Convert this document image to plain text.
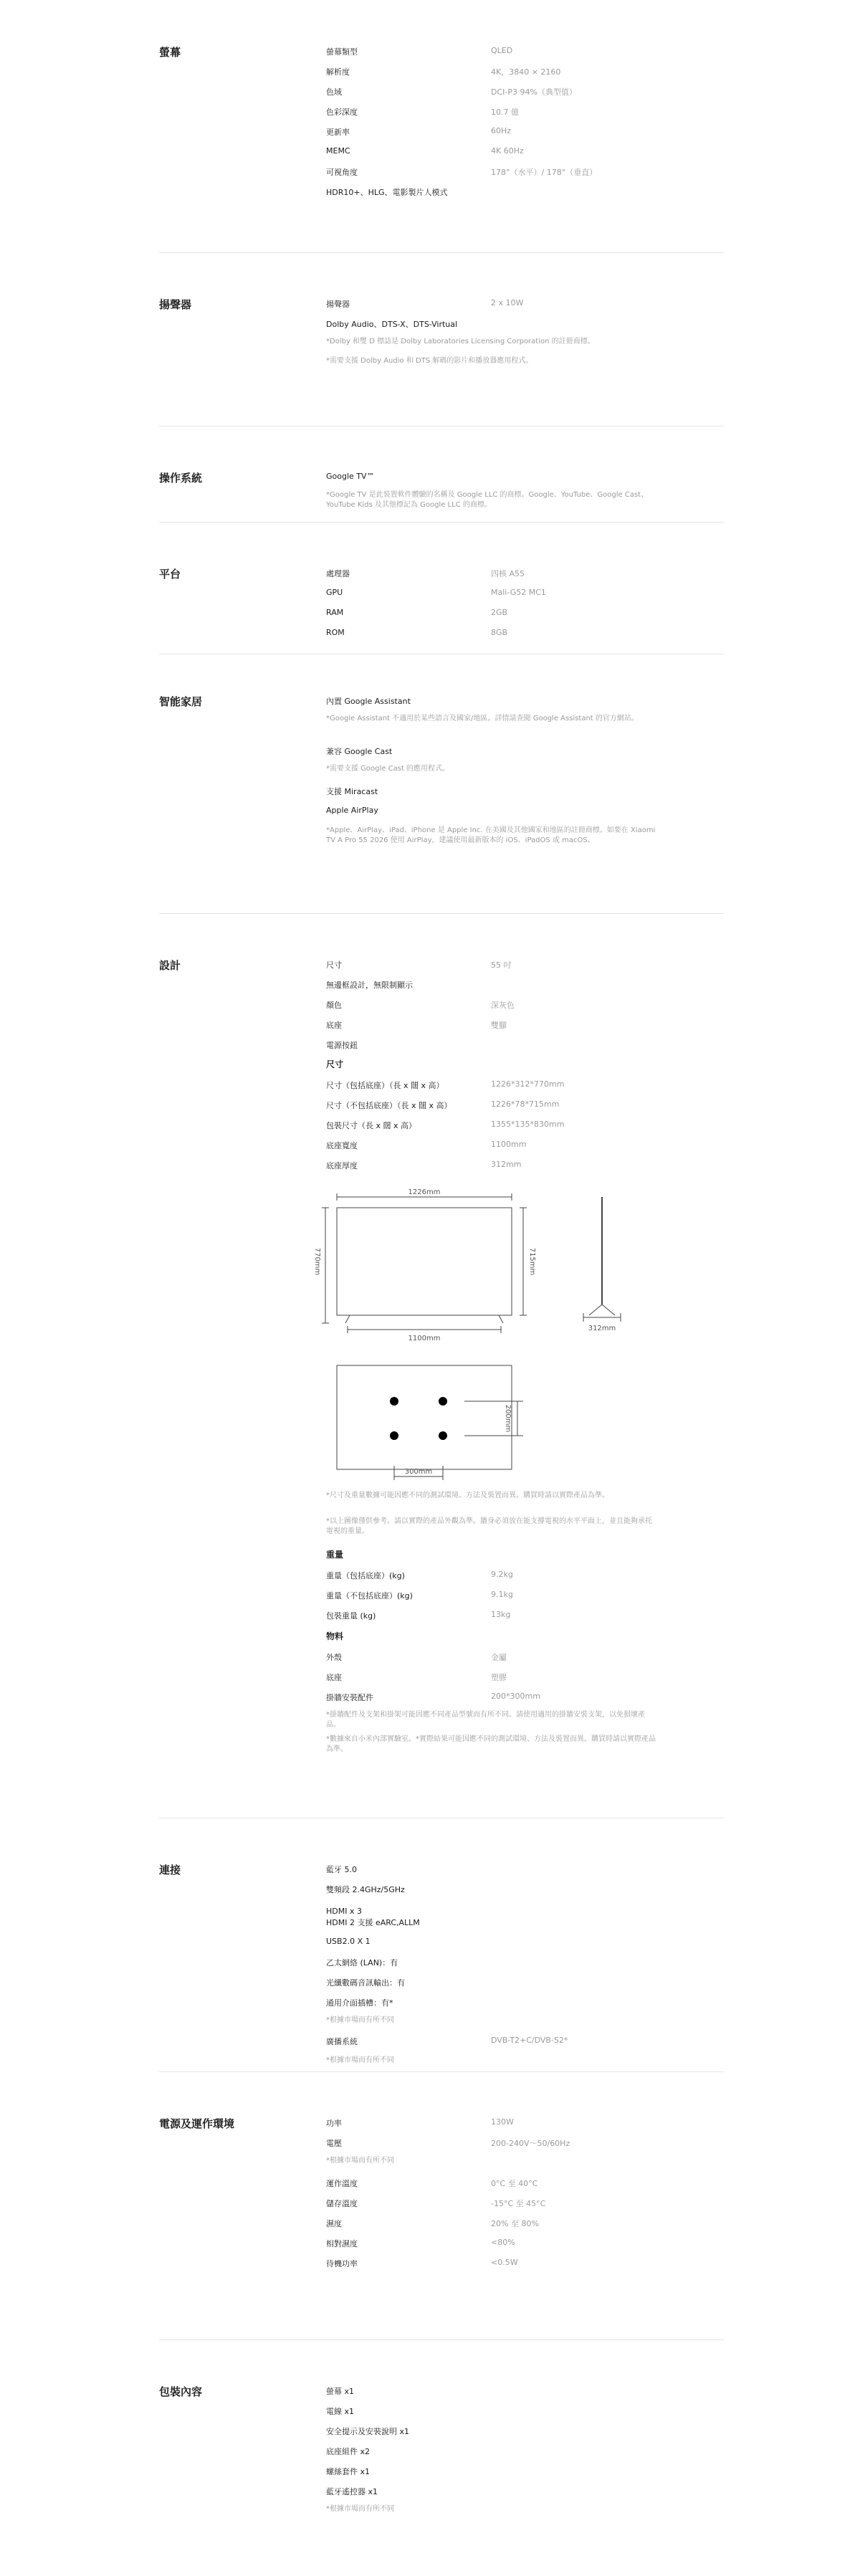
螢幕	螢幕類型	QLED
解析度	4K，3840 × 2160
色域	DCI-P3 94%（典型值）
色彩深度	10.7 億
更新率	60Hz
MEMC	4K 60Hz
可視角度	178°（水平）/ 178°（垂直）
HDR10+、HLG、電影製片人模式
揚聲器	揚聲器	2 x 10W
Dolby Audio、DTS-X、DTS-Virtual
*Dolby 和雙 D 標誌是 Dolby Laboratories Licensing Corporation 的註冊商標。
*需要支援 Dolby Audio 和 DTS 解碼的影片和播放器應用程式。
操作系統	Google TV™
*Google TV 是此裝置軟件體驗的名稱及 Google LLC 的商標。Google、YouTube、Google Cast、YouTube Kids 及其他標記為 Google LLC 的商標。
平台	處理器	四核 A55
GPU	Mali-G52 MC1
RAM	2GB
ROM	8GB
智能家居	內置 Google Assistant
*Google Assistant 不適用於某些語言及國家/地區。詳情請查閱 Google Assistant 的官方網站。
兼容 Google Cast
*需要支援 Google Cast 的應用程式。
支援 Miracast
Apple AirPlay
*Apple、AirPlay、iPad、iPhone 是 Apple Inc. 在美國及其他國家和地區的註冊商標。如要在 Xiaomi TV A Pro 55 2026 使用 AirPlay，建議使用最新版本的 iOS、iPadOS 或 macOS。
設計	尺寸	55 吋
無邊框設計，無限制顯示
顏色	深灰色
底座	雙腳
電源按鈕
尺寸
尺寸（包括底座）（長 x 闊 x 高）	1226*312*770mm
尺寸（不包括底座）（長 x 闊 x 高）	1226*78*715mm
包裝尺寸（長 x 闊 x 高）	1355*135*830mm
底座寬度	1100mm
底座厚度	312mm
1226mm
770mm	715mm
1100mm
312mm
300mm
200mm
*尺寸及重量數據可能因應不同的測試環境、方法及裝置而異。購買時請以實際產品為準。
*以上圖像僅供參考。請以實際的產品外觀為準。牆身必須放在能支撐電視的水平平面上，並且能夠承托電視的重量。
重量
重量（包括底座）(kg)	9.2kg
重量（不包括底座）(kg)	9.1kg
包裝重量 (kg)	13kg
物料
外殼	金屬
底座	塑膠
掛牆安裝配件	200*300mm
*掛牆配件及支架和掛架可能因應不同產品型號而有所不同。請使用適用的掛牆安裝支架，以免損壞產品。
*數據來自小米內部實驗室。*實際結果可能因應不同的測試環境、方法及裝置而異。購買時請以實際產品為準。
連接	藍牙 5.0
雙頻段 2.4GHz/5GHz
HDMI x 3
HDMI 2 支援 eARC,ALLM
USB2.0 X 1
乙太網絡 (LAN)：有
光纖數碼音訊輸出：有
通用介面插槽：有*
*根據市場而有所不同
廣播系統	DVB-T2+C/DVB-S2*
*根據市場而有所不同
電源及運作環境	功率	130W
電壓	200-240V～50/60Hz
*根據市場而有所不同
運作溫度	0°C 至 40°C
儲存溫度	-15°C 至 45°C
濕度	20% 至 80%
相對濕度	<80%
待機功率	<0.5W
包裝內容	螢幕 x1
電線 x1
安全提示及安裝說明 x1
底座組件 x2
螺絲套件 x1
藍牙遙控器 x1
*根據市場而有所不同
